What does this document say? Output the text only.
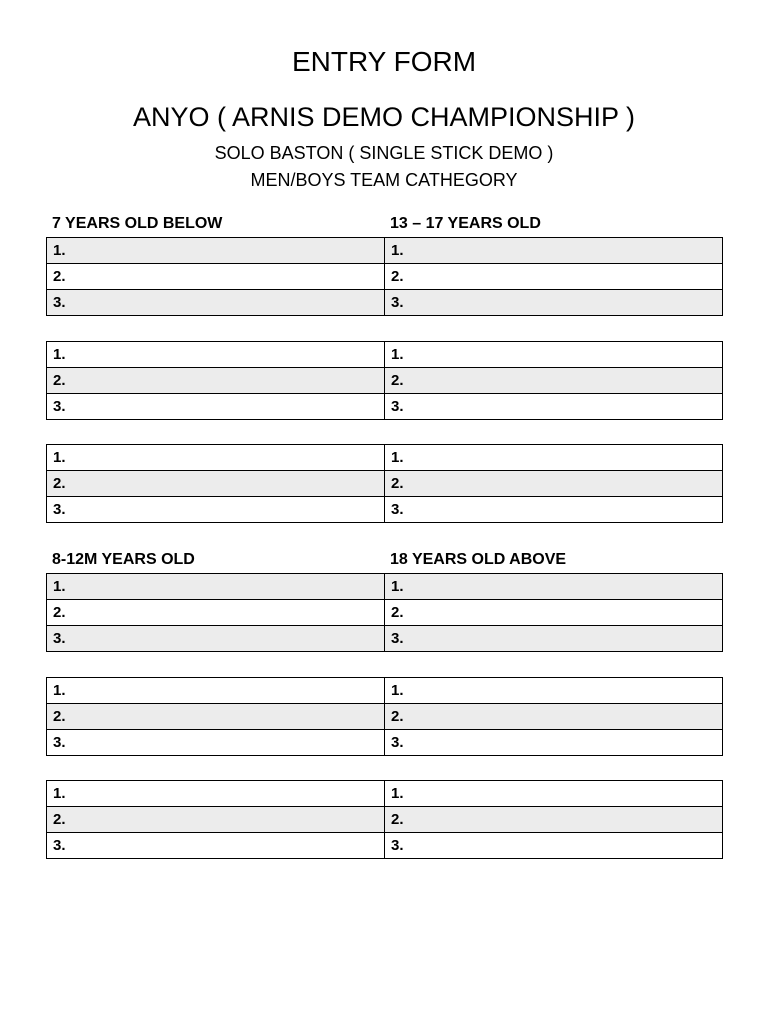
ENTRY FORM
ANYO ( ARNIS DEMO CHAMPIONSHIP )
SOLO BASTON ( SINGLE STICK DEMO )
MEN/BOYS TEAM CATHEGORY
7 YEARS OLD BELOW	13 – 17 YEARS OLD
1.	1.
2.	2.
3.	3.
1.	1.
2.	2.
3.	3.
1.	1.
2.	2.
3.	3.
8-12M YEARS OLD	18 YEARS OLD ABOVE
1.	1.
2.	2.
3.	3.
1.	1.
2.	2.
3.	3.
1.	1.
2.	2.
3.	3.
